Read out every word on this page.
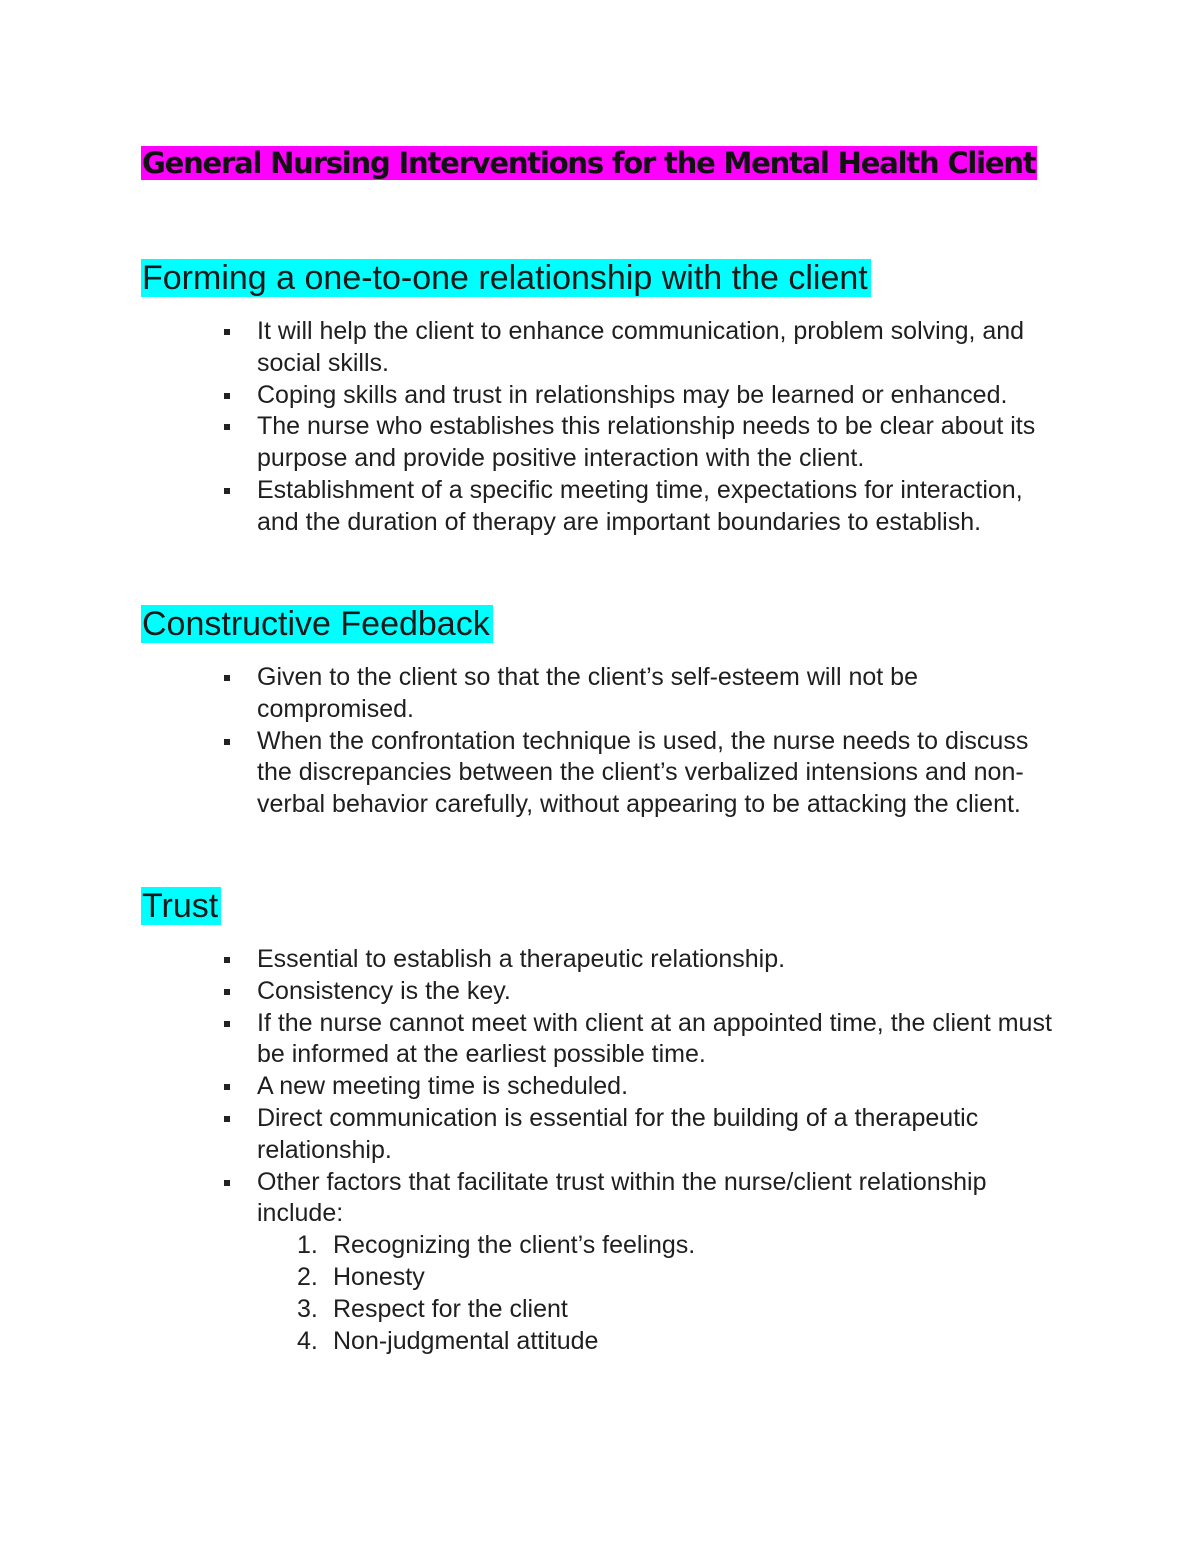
General Nursing Interventions for the Mental Health Client
Forming a one-to-one relationship with the client
It will help the client to enhance communication, problem solving, and social skills.
Coping skills and trust in relationships may be learned or enhanced.
The nurse who establishes this relationship needs to be clear about its purpose and provide positive interaction with the client.
Establishment of a specific meeting time, expectations for interaction, and the duration of therapy are important boundaries to establish.
Constructive Feedback
Given to the client so that the client’s self-esteem will not be compromised.
When the confrontation technique is used, the nurse needs to discuss the discrepancies between the client’s verbalized intensions and non-verbal behavior carefully, without appearing to be attacking the client.
Trust
Essential to establish a therapeutic relationship.
Consistency is the key.
If the nurse cannot meet with client at an appointed time, the client must be informed at the earliest possible time.
A new meeting time is scheduled.
Direct communication is essential for the building of a therapeutic relationship.
Other factors that facilitate trust within the nurse/client relationship include:
1. Recognizing the client’s feelings.
2. Honesty
3. Respect for the client
4. Non-judgmental attitude
